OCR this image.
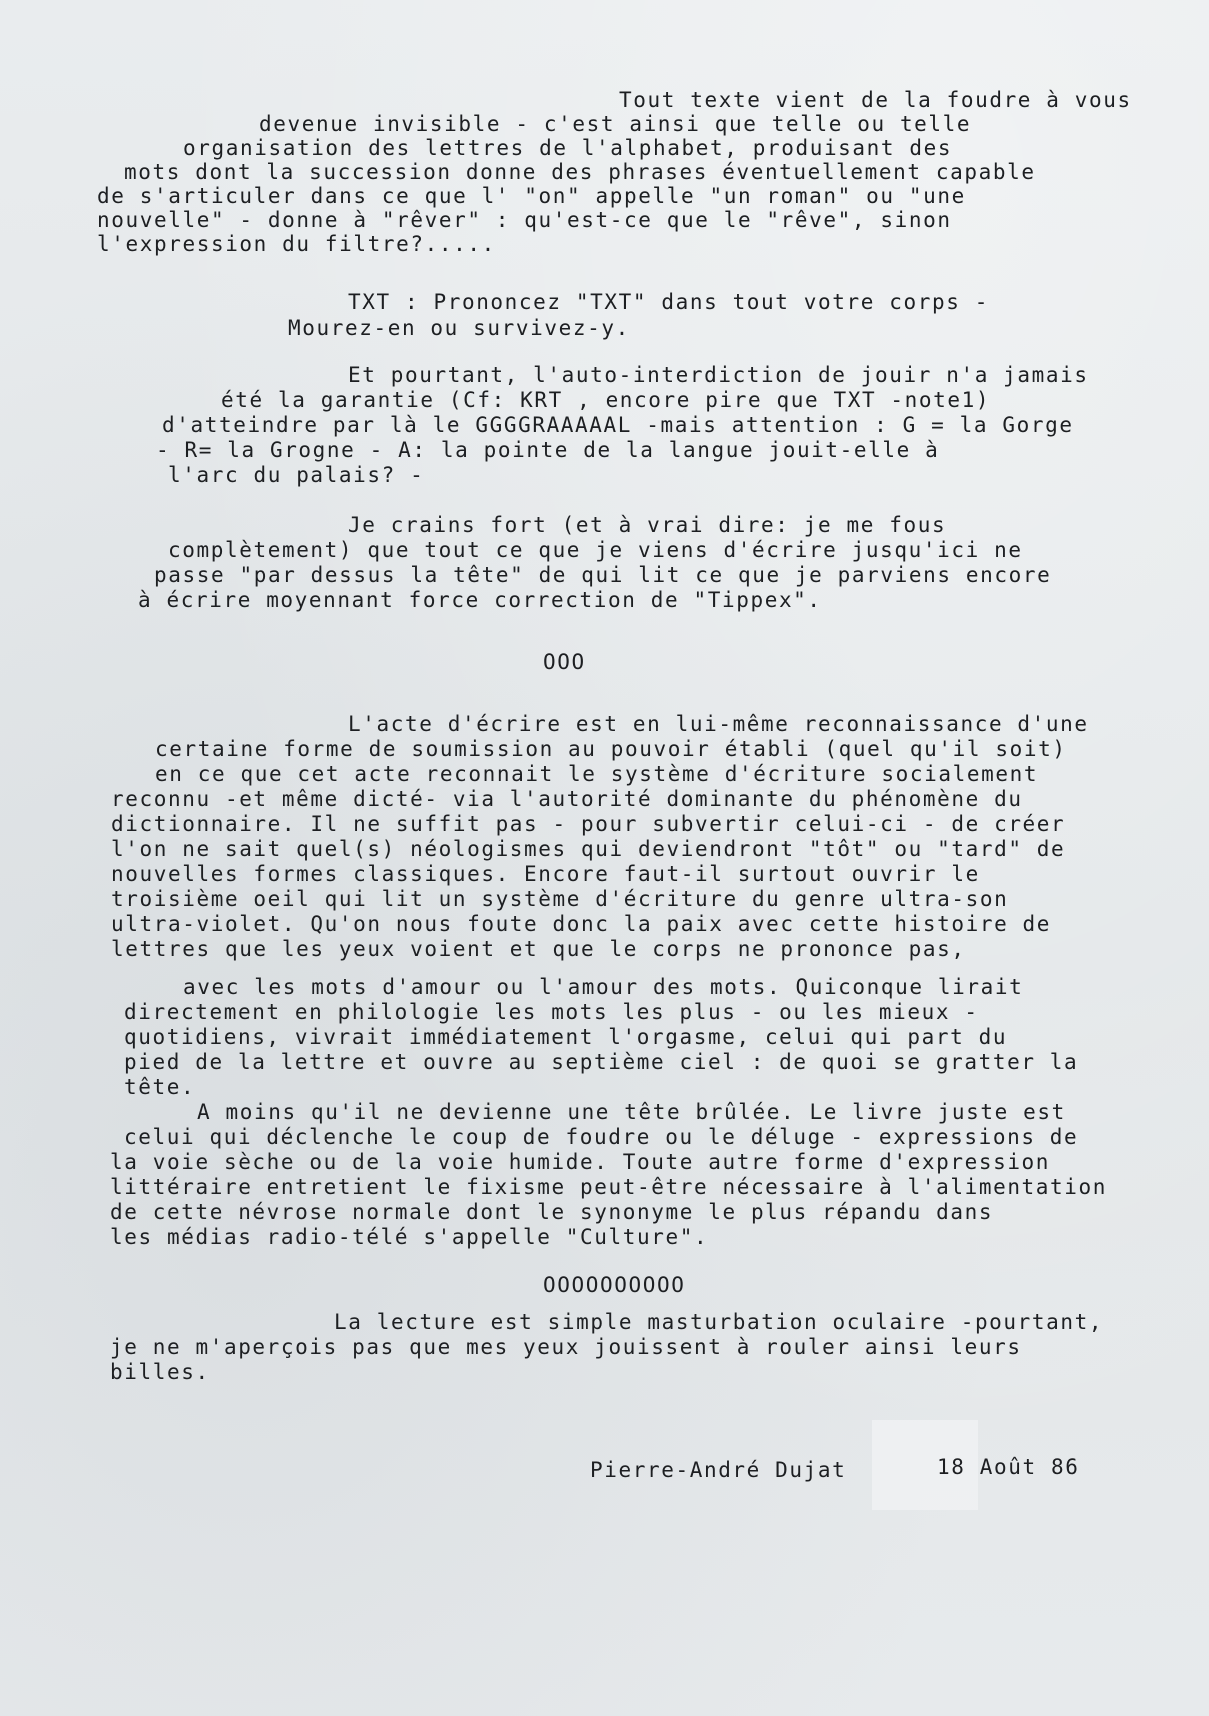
Tout texte vient de la foudre à vous

devenue invisible - c'est ainsi que telle ou telle

organisation des lettres de l'alphabet, produisant des

mots dont la succession donne des phrases éventuellement capable

de s'articuler dans ce que l' "on" appelle "un roman" ou "une

nouvelle" - donne à "rêver" : qu'est-ce que le "rêve", sinon

l'expression du filtre?.....

TXT : Prononcez "TXT" dans tout votre corps -

Mourez-en ou survivez-y.

Et pourtant, l'auto-interdiction de jouir n'a jamais

été la garantie (Cf: KRT , encore pire que TXT -note1)

d'atteindre par là le GGGGRAAAAAL -mais attention : G = la Gorge

- R= la Grogne - A: la pointe de la langue jouit-elle à

l'arc du palais? -

Je crains fort (et à vrai dire: je me fous

complètement) que tout ce que je viens d'écrire jusqu'ici ne

passe "par dessus la tête" de qui lit ce que je parviens encore

à écrire moyennant force correction de "Tippex".

OOO

L'acte d'écrire est en lui-même reconnaissance d'une

certaine forme de soumission au pouvoir établi (quel qu'il soit)

en ce que cet acte reconnait le système d'écriture socialement

reconnu -et même dicté- via l'autorité dominante du phénomène du

dictionnaire. Il ne suffit pas - pour subvertir celui-ci - de créer

l'on ne sait quel(s) néologismes qui deviendront "tôt" ou "tard" de

nouvelles formes classiques. Encore faut-il surtout ouvrir le

troisième oeil qui lit un système d'écriture du genre ultra-son

ultra-violet. Qu'on nous foute donc la paix avec cette histoire de

lettres que les yeux voient et que le corps ne prononce pas,

avec les mots d'amour ou l'amour des mots. Quiconque lirait

directement en philologie les mots les plus - ou les mieux -

quotidiens, vivrait immédiatement l'orgasme, celui qui part du

pied de la lettre et ouvre au septième ciel : de quoi se gratter la

tête.

A moins qu'il ne devienne une tête brûlée. Le livre juste est

celui qui déclenche le coup de foudre ou le déluge - expressions de

la voie sèche ou de la voie humide. Toute autre forme d'expression

littéraire entretient le fixisme peut-être nécessaire à l'alimentation

de cette névrose normale dont le synonyme le plus répandu dans

les médias radio-télé s'appelle "Culture".

OOOOOOOOOO

La lecture est simple masturbation oculaire -pourtant,

je ne m'aperçois pas que mes yeux jouissent à rouler ainsi leurs

billes.

Pierre-André Dujat	18 Août 86
